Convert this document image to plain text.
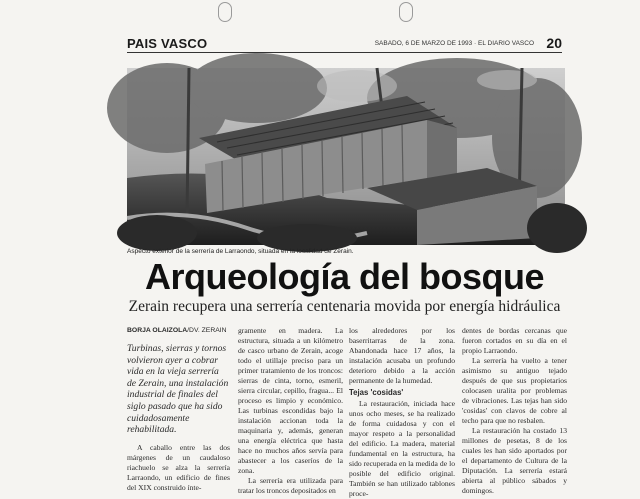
PAIS VASCO	SABADO, 6 DE MARZO DE 1993 · EL DIARIO VASCO 20
Aspecto exterior de la serrería de Larraondo, situada en la localidad de Zerain.
Arqueología del bosque
Zerain recupera una serrería centenaria movida por energía hidráulica
BORJA OLAIZOLA/DV. ZERAIN

Turbinas, sierras y tornos volvieron ayer a cobrar vida en la vieja serrería de Zerain, una instalación industrial de finales del siglo pasado que ha sido cuidadosamente rehabilitada.

A caballo entre las dos márgenes de un caudaloso riachuelo se alza la serrería Larraondo, un edificio de fines del XIX construido ínte-

gramente en madera. La estructura, situada a un kilómetro de casco urbano de Zerain, acoge todo el utillaje preciso para un primer tratamiento de los troncos: sierras de cinta, torno, esmeril, sierra circular, cepillo, fragua... El proceso es limpio y económico. Las turbinas escondidas bajo la instalación accionan toda la maquinaria y, además, generan una energía eléctrica que hasta hace no muchos años servía para abastecer a los caseríos de la zona.

La serrería era utilizada para tratar los troncos depositados en

los alrededores por los baserritarras de la zona. Abandonada hace 17 años, la instalación acusaba un profundo deterioro debido a la acción permanente de la humedad.

Tejas 'cosidas'

La restauración, iniciada hace unos ocho meses, se ha realizado de forma cuidadosa y con el mayor respeto a la personalidad del edificio. La madera, material fundamental en la estructura, ha sido recuperada en la medida de lo posible del edificio original. También se han utilizado tablones proce-

dentes de bordas cercanas que fueron cortados en su día en el propio Larraondo.

La serrería ha vuelto a tener asimismo su antiguo tejado después de que sus propietarios colocasen uralita por problemas de vibraciones. Las tejas han sido 'cosidas' con clavos de cobre al techo para que no resbalen.

La restauración ha costado 13 millones de pesetas, 8 de los cuales les han sido aportados por el departamento de Cultura de la Diputación. La serrería estará abierta al público sábados y domingos.
